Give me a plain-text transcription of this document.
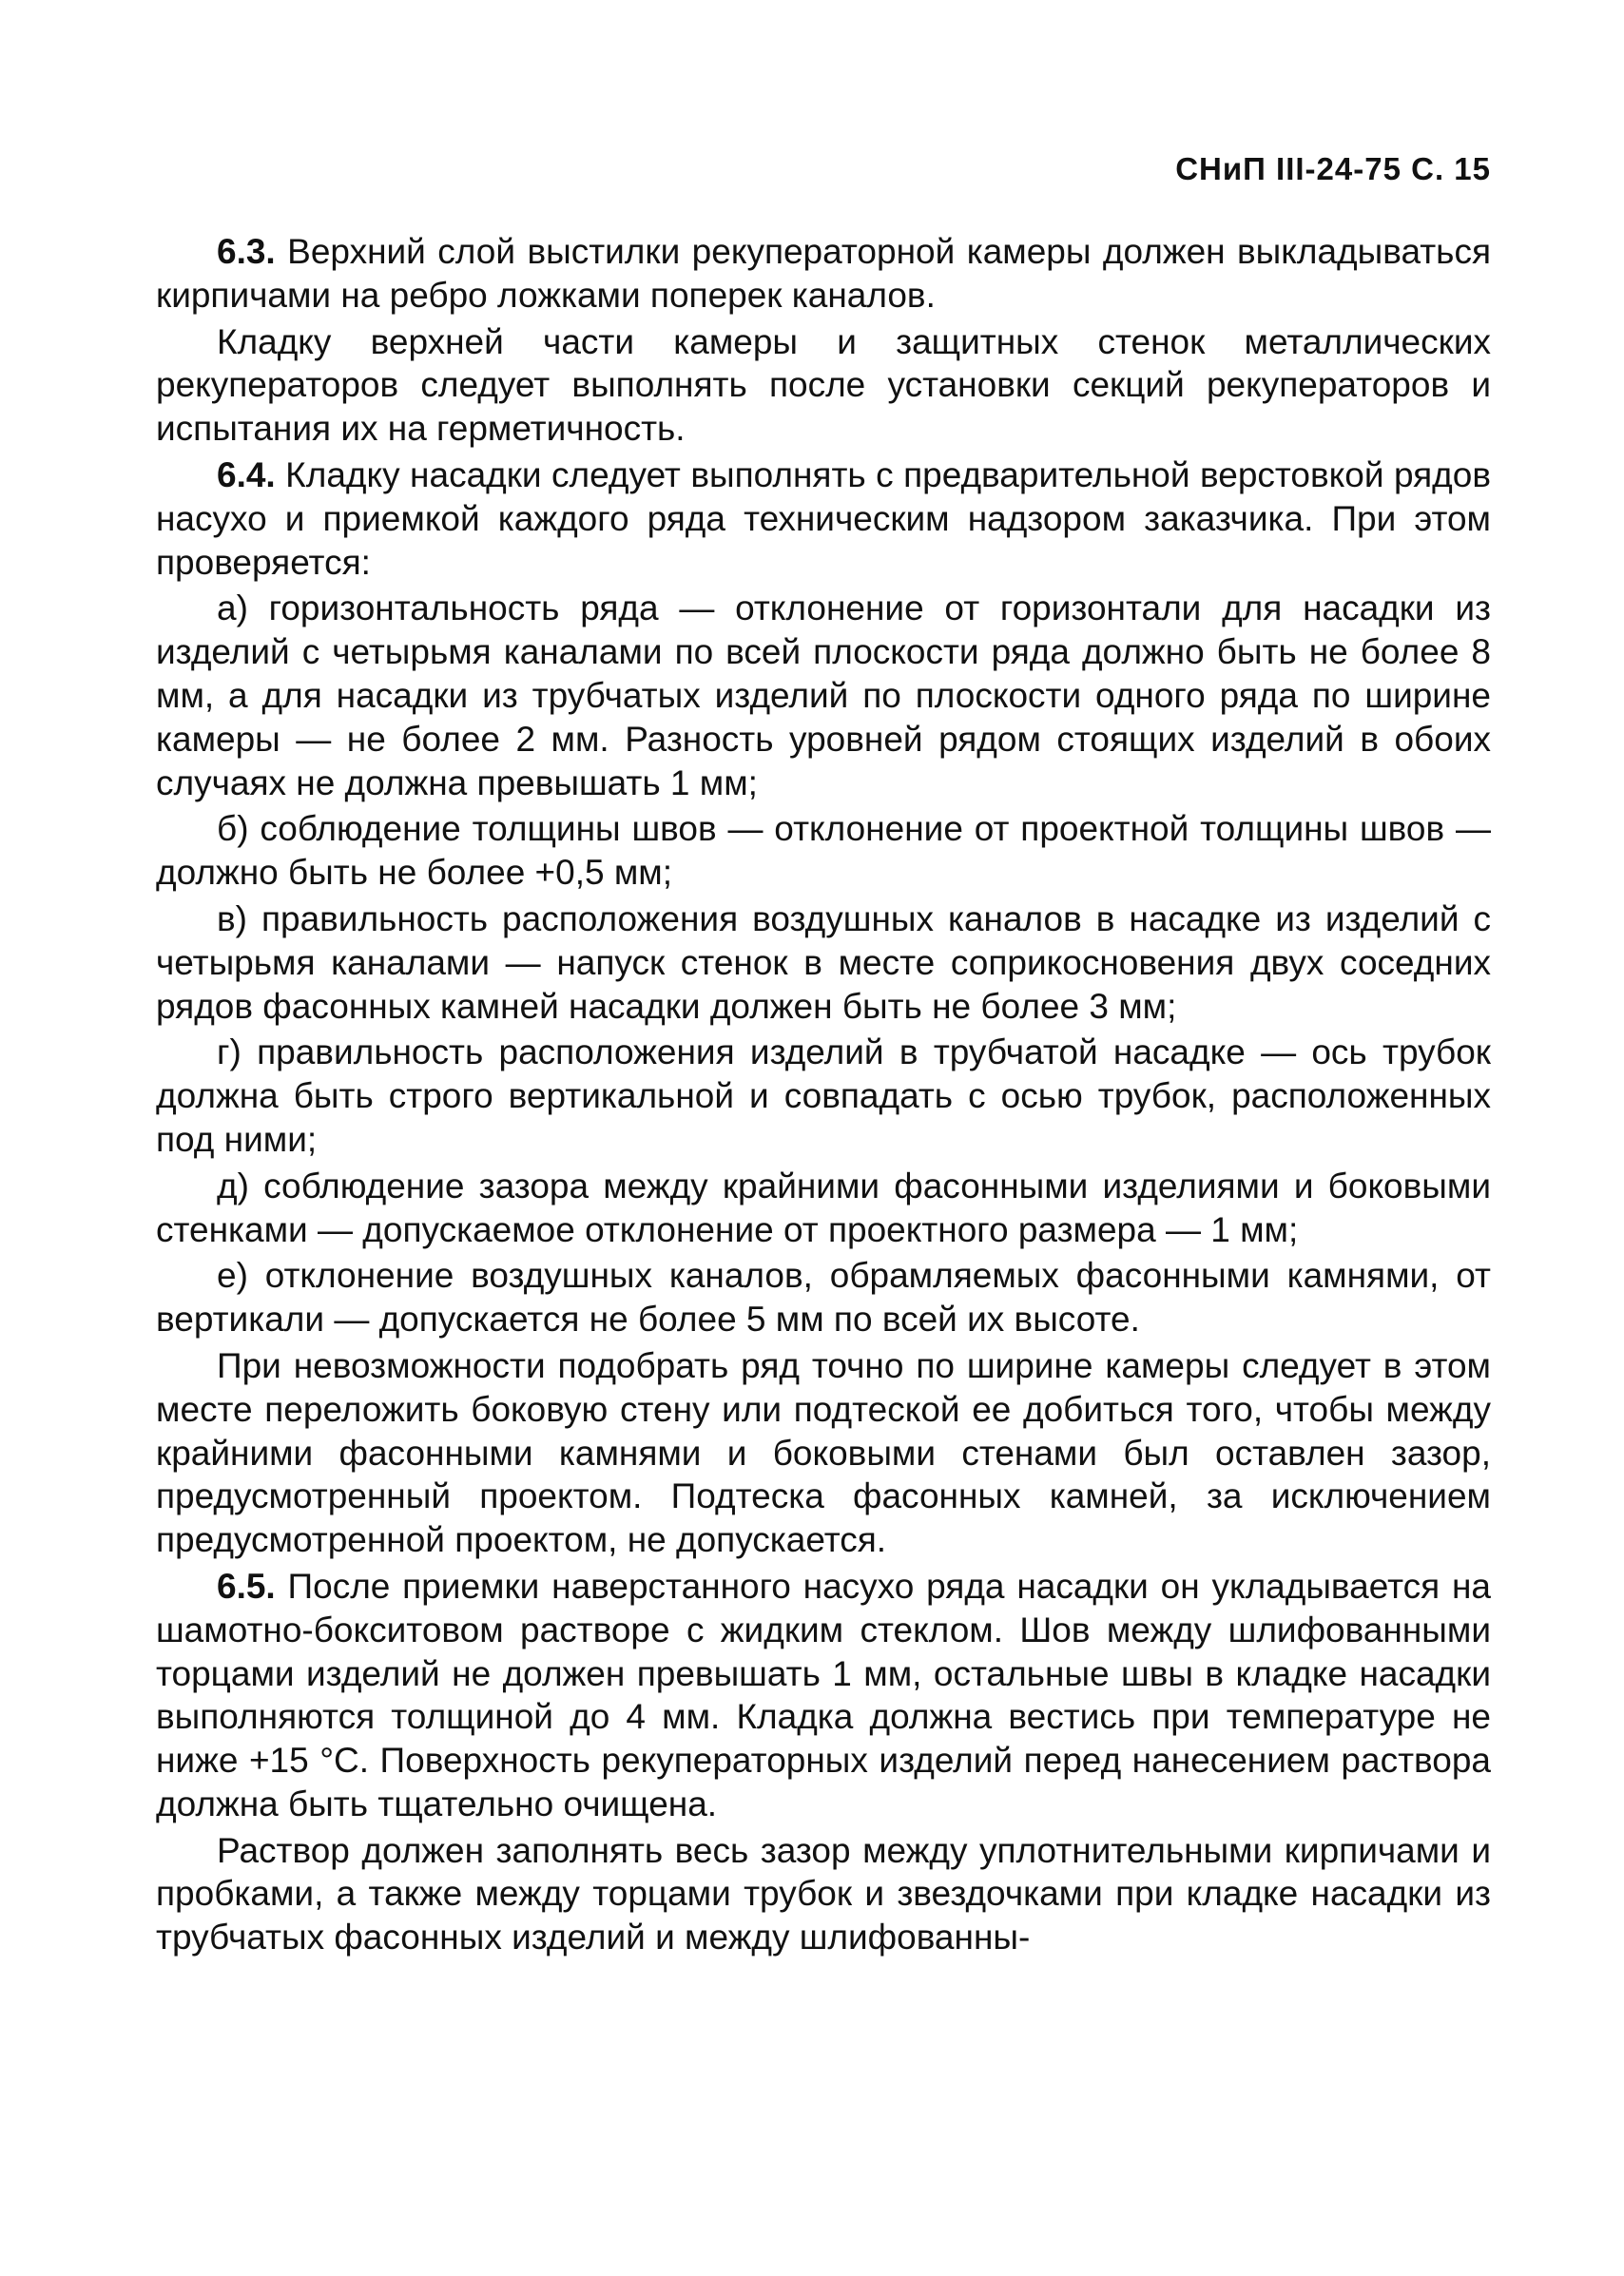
СНиП III-24-75 С. 15

6.3. Верхний слой выстилки рекуператорной камеры должен выкладываться кирпичами на ребро ложками поперек каналов.

Кладку верхней части камеры и защитных стенок металлических рекуператоров следует выполнять после установки секций рекуператоров и испытания их на герметичность.

6.4. Кладку насадки следует выполнять с предварительной верстовкой рядов насухо и приемкой каждого ряда техническим надзором заказчика. При этом проверяется:

а) горизонтальность ряда — отклонение от горизонтали для насадки из изделий с четырьмя каналами по всей плоскости ряда должно быть не более 8 мм, а для насадки из трубчатых изделий по плоскости одного ряда по ширине камеры — не более 2 мм. Разность уровней рядом стоящих изделий в обоих случаях не должна превышать 1 мм;

б) соблюдение толщины швов — отклонение от проектной толщины швов — должно быть не более +0,5 мм;

в) правильность расположения воздушных каналов в насадке из изделий с четырьмя каналами — напуск стенок в месте соприкосновения двух соседних рядов фасонных камней насадки должен быть не более 3 мм;

г) правильность расположения изделий в трубчатой насадке — ось трубок должна быть строго вертикальной и совпадать с осью трубок, расположенных под ними;

д) соблюдение зазора между крайними фасонными изделиями и боковыми стенками — допускаемое отклонение от проектного размера — 1 мм;

е) отклонение воздушных каналов, обрамляемых фасонными камнями, от вертикали — допускается не более 5 мм по всей их высоте.

При невозможности подобрать ряд точно по ширине камеры следует в этом месте переложить боковую стену или подтеской ее добиться того, чтобы между крайними фасонными камнями и боковыми стенами был оставлен зазор, предусмотренный проектом. Подтеска фасонных камней, за исключением предусмотренной проектом, не допускается.

6.5. После приемки наверстанного насухо ряда насадки он укладывается на шамотно-бокситовом растворе с жидким стеклом. Шов между шлифованными торцами изделий не должен превышать 1 мм, остальные швы в кладке насадки выполняются толщиной до 4 мм. Кладка должна вестись при температуре не ниже +15 °С. Поверхность рекуператорных изделий перед нанесением раствора должна быть тщательно очищена.

Раствор должен заполнять весь зазор между уплотнительными кирпичами и пробками, а также между торцами трубок и звездочками при кладке насадки из трубчатых фасонных изделий и между шлифованны-
